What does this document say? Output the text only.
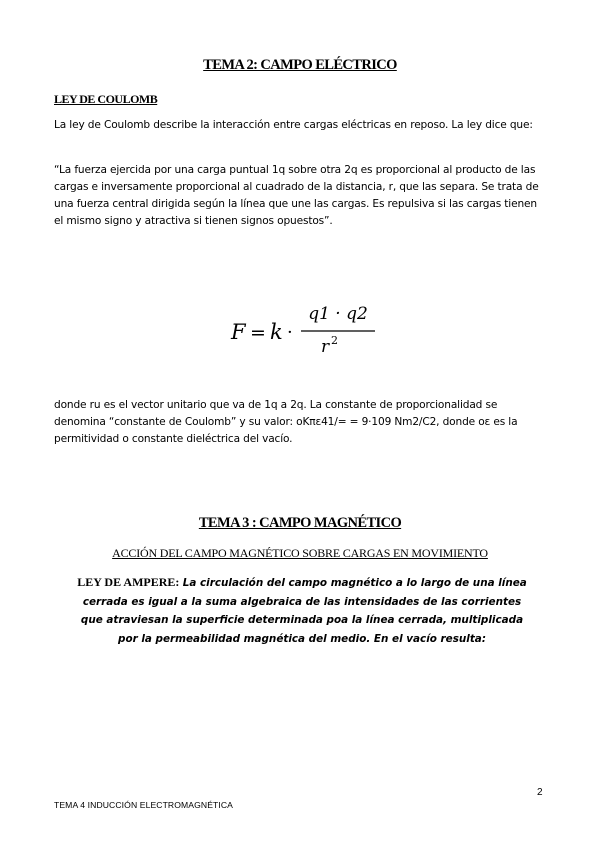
TEMA 2: CAMPO ELÉCTRICO
LEY DE COULOMB

La ley de Coulomb describe la interacción entre cargas eléctricas en reposo. La ley dice que:

“La fuerza ejercida por una carga puntual 1q sobre otra 2q es proporcional al producto de las cargas e inversamente proporcional al cuadrado de la distancia, r, que las separa. Se trata de una fuerza central dirigida según la línea que une las cargas. Es repulsiva si las cargas tienen el mismo signo y atractiva si tienen signos opuestos”.

F = k ·
q1 · q2
r 2

donde ru es el vector unitario que va de 1q a 2q. La constante de proporcionalidad se denomina “constante de Coulomb” y su valor: oKπε41/= = 9·109 Nm2/C2, donde oε es la permitividad o constante dieléctrica del vacío.

TEMA 3 : CAMPO MAGNÉTICO
ACCIÓN DEL CAMPO MAGNÉTICO SOBRE CARGAS EN MOVIMIENTO

LEY DE AMPERE: La circulación del campo magnético a lo largo de una línea cerrada es igual a la suma algebraica de las intensidades de las corrientes que atraviesan la superficie determinada poa la línea cerrada, multiplicada por la permeabilidad magnética del medio. En el vacío resulta:

2
TEMA 4 INDUCCIÓN ELECTROMAGNÉTICA
